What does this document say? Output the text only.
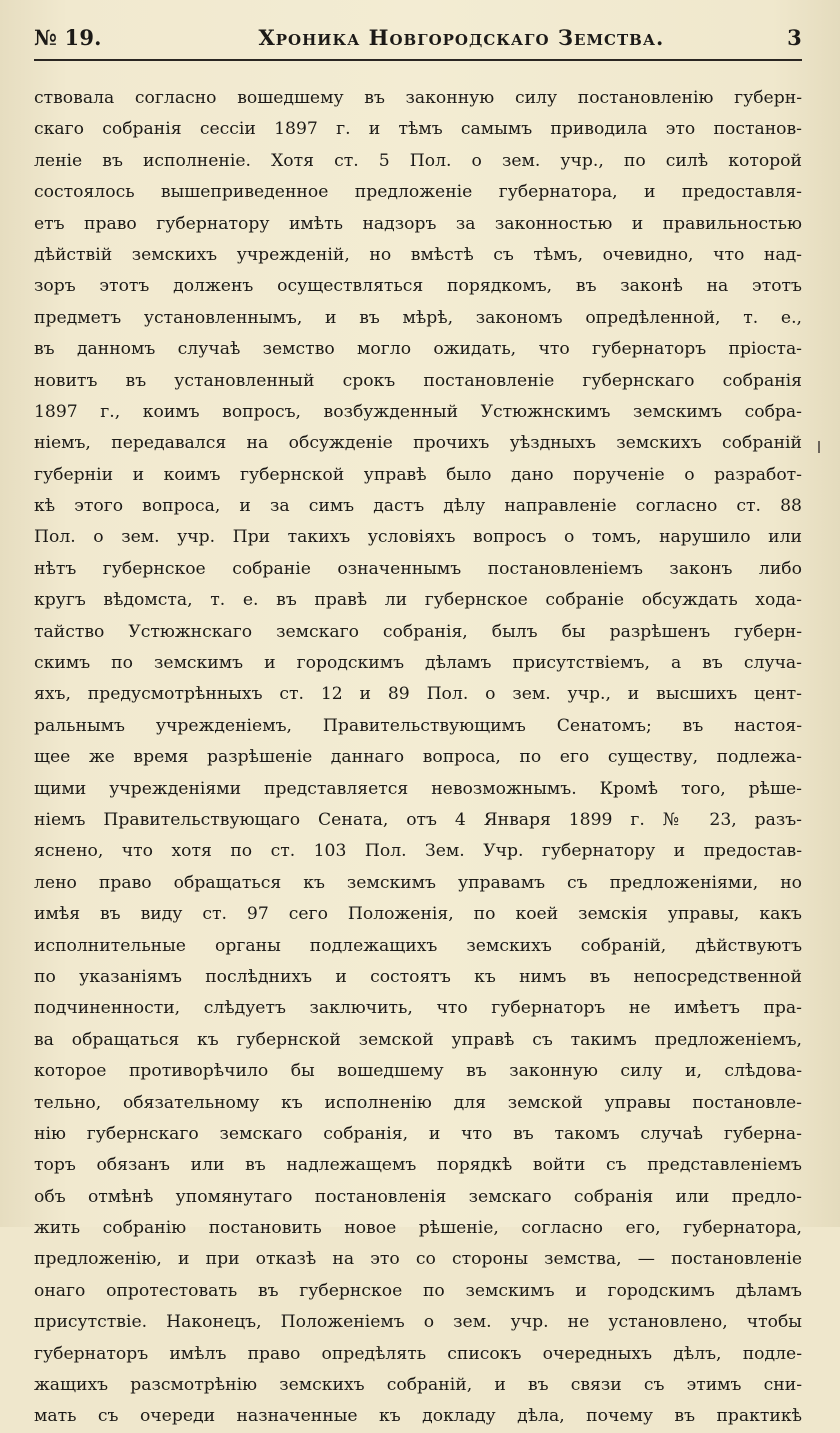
№ 19.	Хроника Новгородскаго Земства.	3
ствовала согласно вошедшему въ законную силу постановленію губерн-
скаго собранія сессіи 1897 г. и тѣмъ самымъ приводила это постанов-
леніе въ исполненіе. Хотя ст. 5 Пол. о зем. учр., по силѣ которой
состоялось вышеприведенное предложеніе губернатора, и предоставля-
етъ право губернатору имѣть надзоръ за законностью и правильностью
дѣйствій земскихъ учрежденій, но вмѣстѣ съ тѣмъ, очевидно, что над-
зоръ этотъ долженъ осуществляться порядкомъ, въ законѣ на этотъ
предметъ установленнымъ, и въ мѣрѣ, закономъ опредѣленной, т. е.,
въ данномъ случаѣ земство могло ожидать, что губернаторъ пріоста-
новитъ въ установленный срокъ постановленіе губернскаго собранія
1897 г., коимъ вопросъ, возбужденный Устюжнскимъ земскимъ собра-
ніемъ, передавался на обсужденіе прочихъ уѣздныхъ земскихъ собраній
губерніи и коимъ губернской управѣ было дано порученіе о разработ-
кѣ этого вопроса, и за симъ дастъ дѣлу направленіе согласно ст. 88
Пол. о зем. учр. При такихъ условіяхъ вопросъ о томъ, нарушило или
нѣтъ губернское собраніе означеннымъ постановленіемъ законъ либо
кругъ вѣдомста, т. е. въ правѣ ли губернское собраніе обсуждать хода-
тайство Устюжнскаго земскаго собранія, былъ бы разрѣшенъ губерн-
скимъ по земскимъ и городскимъ дѣламъ присутствіемъ, а въ случа-
яхъ, предусмотрѣнныхъ ст. 12 и 89 Пол. о зем. учр., и высшихъ цент-
ральнымъ учрежденіемъ, Правительствующимъ Сенатомъ; въ настоя-
щее же время разрѣшеніе даннаго вопроса, по его существу, подлежа-
щими учрежденіями представляется невозможнымъ. Кромѣ того, рѣше-
ніемъ Правительствующаго Сената, отъ 4 Января 1899 г. № 23, разъ-
яснено, что хотя по ст. 103 Пол. Зем. Учр. губернатору и предостав-
лено право обращаться къ земскимъ управамъ съ предложеніями, но
имѣя въ виду ст. 97 сего Положенія, по коей земскія управы, какъ
исполнительные органы подлежащихъ земскихъ собраній, дѣйствуютъ
по указаніямъ послѣднихъ и состоятъ къ нимъ въ непосредственной
подчиненности, слѣдуетъ заключить, что губернаторъ не имѣетъ пра-
ва обращаться къ губернской земской управѣ съ такимъ предложеніемъ,
которое противорѣчило бы вошедшему въ законную силу и, слѣдова-
тельно, обязательному къ исполненію для земской управы постановле-
нію губернскаго земскаго собранія, и что въ такомъ случаѣ губерна-
торъ обязанъ или въ надлежащемъ порядкѣ войти съ представленіемъ
объ отмѣнѣ упомянутаго постановленія земскаго собранія или предло-
жить собранію постановить новое рѣшеніе, согласно его, губернатора,
предложенію, и при отказѣ на это со стороны земства, — постановленіе
онаго опротестовать въ губернское по земскимъ и городскимъ дѣламъ
присутствіе. Наконецъ, Положеніемъ о зем. учр. не установлено, чтобы
губернаторъ имѣлъ право опредѣлять списокъ очередныхъ дѣлъ, подле-
жащихъ разсмотрѣнію земскихъ собраній, и въ связи съ этимъ сни-
мать съ очереди назначенные къ докладу дѣла, почему въ практикѣ
